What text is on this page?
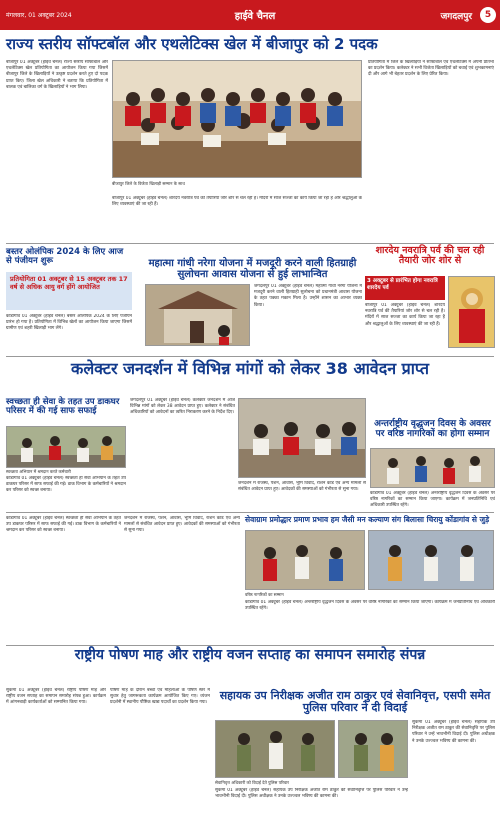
मंगलवार, 01 अक्टूबर 2024	हाईवे चैनल	जगदलपुर	5
राज्य स्तरीय सॉफ्टबॉल और एथलेटिक्स खेल में बीजापुर को 2 पदक
बीजापुर 01 अक्टूबर (हाईवे चैनल) राज्य स्तरीय सॉफ्टबॉल और एथलेटिक्स खेल प्रतियोगिता का आयोजन किया गया जिसमें बीजापुर जिले के खिलाड़ियों ने उत्कृष्ट प्रदर्शन करते हुए दो पदक प्राप्त किए। जिला खेल अधिकारी ने बताया कि प्रतियोगिता में बालक एवं बालिका वर्ग के खिलाड़ियों ने भाग लिया।
बीजापुर जिले के विजेता खिलाड़ी सम्मान के साथ
प्रतियोगिता में जिले के खिलाड़ियों ने सॉफ्टबॉल एवं एथलेटिक्स में अपनी प्रतिभा का प्रदर्शन किया। कलेक्टर ने सभी विजेता खिलाड़ियों को बधाई एवं शुभकामनाएं दी और आगे भी बेहतर प्रदर्शन के लिए प्रेरित किया।
बीजापुर 01 अक्टूबर (हाईवे चैनल) शारदेय नवरात्रि पर्व की तैयारियां जोर शोर से चल रही है। मंदिरों में साज सज्जा का कार्य किया जा रहा है और श्रद्धालुओं के लिए व्यवस्थाएं की जा रही हैं।
बस्तर ओलंपिक 2024 के लिए आज से पंजीयन शुरू
प्रतियोगिता 01 अक्टूबर से 15 अक्टूबर तक 17 वर्ष से अधिक आयु वर्ग होंगे आयोजित
कोंडागांव 01 अक्टूबर (हाईवे चैनल) बस्तर ओलंपिक 2024 के लिए पंजीयन प्रारंभ हो गया है। प्रतियोगिता में विभिन्न खेलों का आयोजन किया जाएगा जिसमें ग्रामीण एवं शहरी खिलाड़ी भाग लेंगे।
महात्मा गांधी नरेगा योजना में मजदूरी करने वाली हितग्राही सुलोचना आवास योजना से हुई लाभान्वित
जगदलपुर 01 अक्टूबर (हाईवे चैनल) महात्मा गांधी नरेगा योजना में मजदूरी करने वाली हितग्राही सुलोचना को प्रधानमंत्री आवास योजना के तहत पक्का मकान मिला है। उन्होंने शासन का आभार व्यक्त किया।
शारदेय नवरात्रि पर्व की चल रही तैयारी जोर शोर से
3 अक्टूबर से प्रारंभित होगा नवरात्रि शारदेय पर्व
बीजापुर 01 अक्टूबर (हाईवे चैनल) शारदेय नवरात्रि पर्व की तैयारियां जोर शोर से चल रही है। मंदिरों में साज सज्जा का कार्य किया जा रहा है और श्रद्धालुओं के लिए व्यवस्थाएं की जा रही हैं।
कलेक्टर जनदर्शन में विभिन्न मांगों को लेकर 38 आवेदन प्राप्त
जगदलपुर 01 अक्टूबर (हाईवे चैनल) कलेक्टर जनदर्शन में आज विभिन्न मांगों को लेकर 38 आवेदन प्राप्त हुए। कलेक्टर ने संबंधित अधिकारियों को आवेदनों का त्वरित निराकरण करने के निर्देश दिए।
जनदर्शन में राजस्व, पेंशन, आवास, भूमि विवाद, राशन कार्ड एवं अन्य मामलों से संबंधित आवेदन प्राप्त हुए। आवेदकों की समस्याओं को गंभीरता से सुना गया।
स्वच्छता ही सेवा के तहत उप डाकघर परिसर में की गई साफ सफाई
स्वच्छता अभियान में श्रमदान करते कर्मचारी
कोंडागांव 01 अक्टूबर (हाईवे चैनल) स्वच्छता ही सेवा अभियान के तहत उप डाकघर परिसर में साफ सफाई की गई। डाक विभाग के कर्मचारियों ने श्रमदान कर परिसर को स्वच्छ बनाया।
अन्तर्राष्ट्रीय वृद्धजन दिवस के अवसर पर वरिष्ठ नागरिकों का होगा सम्मान
कोंडागांव 01 अक्टूबर (हाईवे चैनल) अन्तर्राष्ट्रीय वृद्धजन दिवस के अवसर पर वरिष्ठ नागरिकों का सम्मान किया जाएगा। कार्यक्रम में जनप्रतिनिधि एवं अधिकारी उपस्थित रहेंगे।
सेवाग्राम प्रमोद्धार प्रमाण प्रभाव हम जैसी मन कल्याण संग बिलासा चिरायु कोंडागांव से जुड़े
वरिष्ठ नागरिकों का सम्मान
कोंडागांव 01 अक्टूबर (हाईवे चैनल) अन्तर्राष्ट्रीय वृद्धजन दिवस के अवसर पर वरिष्ठ नागरिकों का सम्मान किया जाएगा। कार्यक्रम में जनप्रतिनिधि एवं अधिकारी उपस्थित रहेंगे।
कोंडागांव 01 अक्टूबर (हाईवे चैनल) स्वच्छता ही सेवा अभियान के तहत उप डाकघर परिसर में साफ सफाई की गई। डाक विभाग के कर्मचारियों ने श्रमदान कर परिसर को स्वच्छ बनाया।
जनदर्शन में राजस्व, पेंशन, आवास, भूमि विवाद, राशन कार्ड एवं अन्य मामलों से संबंधित आवेदन प्राप्त हुए। आवेदकों की समस्याओं को गंभीरता से सुना गया।
राष्ट्रीय पोषण माह और राष्ट्रीय वजन सप्ताह का समापन समारोह संपन्न
सुकमा 01 अक्टूबर (हाईवे चैनल) राष्ट्रीय पोषण माह और राष्ट्रीय वजन सप्ताह का समापन समारोह संपन्न हुआ। कार्यक्रम में आंगनबाड़ी कार्यकर्ताओं को सम्मानित किया गया।
पोषण माह के दौरान बच्चों एवं महिलाओं के पोषण स्तर में सुधार हेतु जागरूकता कार्यक्रम आयोजित किए गए। व्यंजन प्रदर्शनी में स्थानीय पौष्टिक खाद्य पदार्थों का प्रदर्शन किया गया।
सहायक उप निरीक्षक अजीत राम ठाकुर एवं सेवानिवृत्त, एसपी समेत पुलिस परिवार ने दी विदाई
सेवानिवृत्त अधिकारी को विदाई देते पुलिस परिवार
सुकमा 01 अक्टूबर (हाईवे चैनल) सहायक उप निरीक्षक अजीत राम ठाकुर की सेवानिवृत्ति पर पुलिस परिवार ने उन्हें भावभीनी विदाई दी। पुलिस अधीक्षक ने उनके उज्ज्वल भविष्य की कामना की।
सुकमा 01 अक्टूबर (हाईवे चैनल) सहायक उप निरीक्षक अजीत राम ठाकुर की सेवानिवृत्ति पर पुलिस परिवार ने उन्हें भावभीनी विदाई दी। पुलिस अधीक्षक ने उनके उज्ज्वल भविष्य की कामना की।
